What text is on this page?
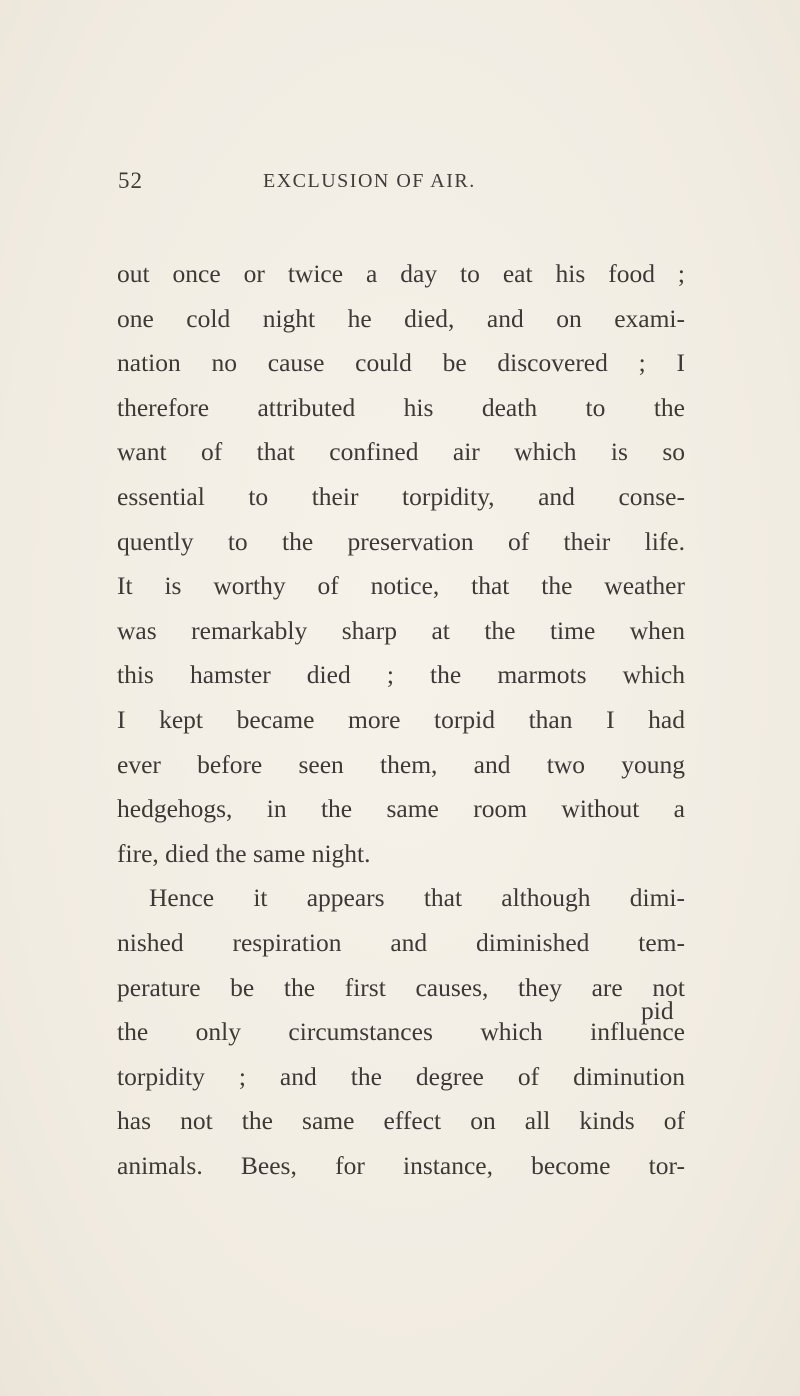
52	EXCLUSION OF AIR.
out once or twice a day to eat his food ;
one cold night he died, and on exami-
nation no cause could be discovered ; I
therefore attributed his death to the
want of that confined air which is so
essential to their torpidity, and conse-
quently to the preservation of their life.
It is worthy of notice, that the weather
was remarkably sharp at the time when
this hamster died ; the marmots which
I kept became more torpid than I had
ever before seen them, and two young
hedgehogs, in the same room without a
fire, died the same night.
Hence it appears that although dimi-
nished respiration and diminished tem-
perature be the first causes, they are not
the only circumstances which influence
torpidity ; and the degree of diminution
has not the same effect on all kinds of
animals. Bees, for instance, become tor-
pid
